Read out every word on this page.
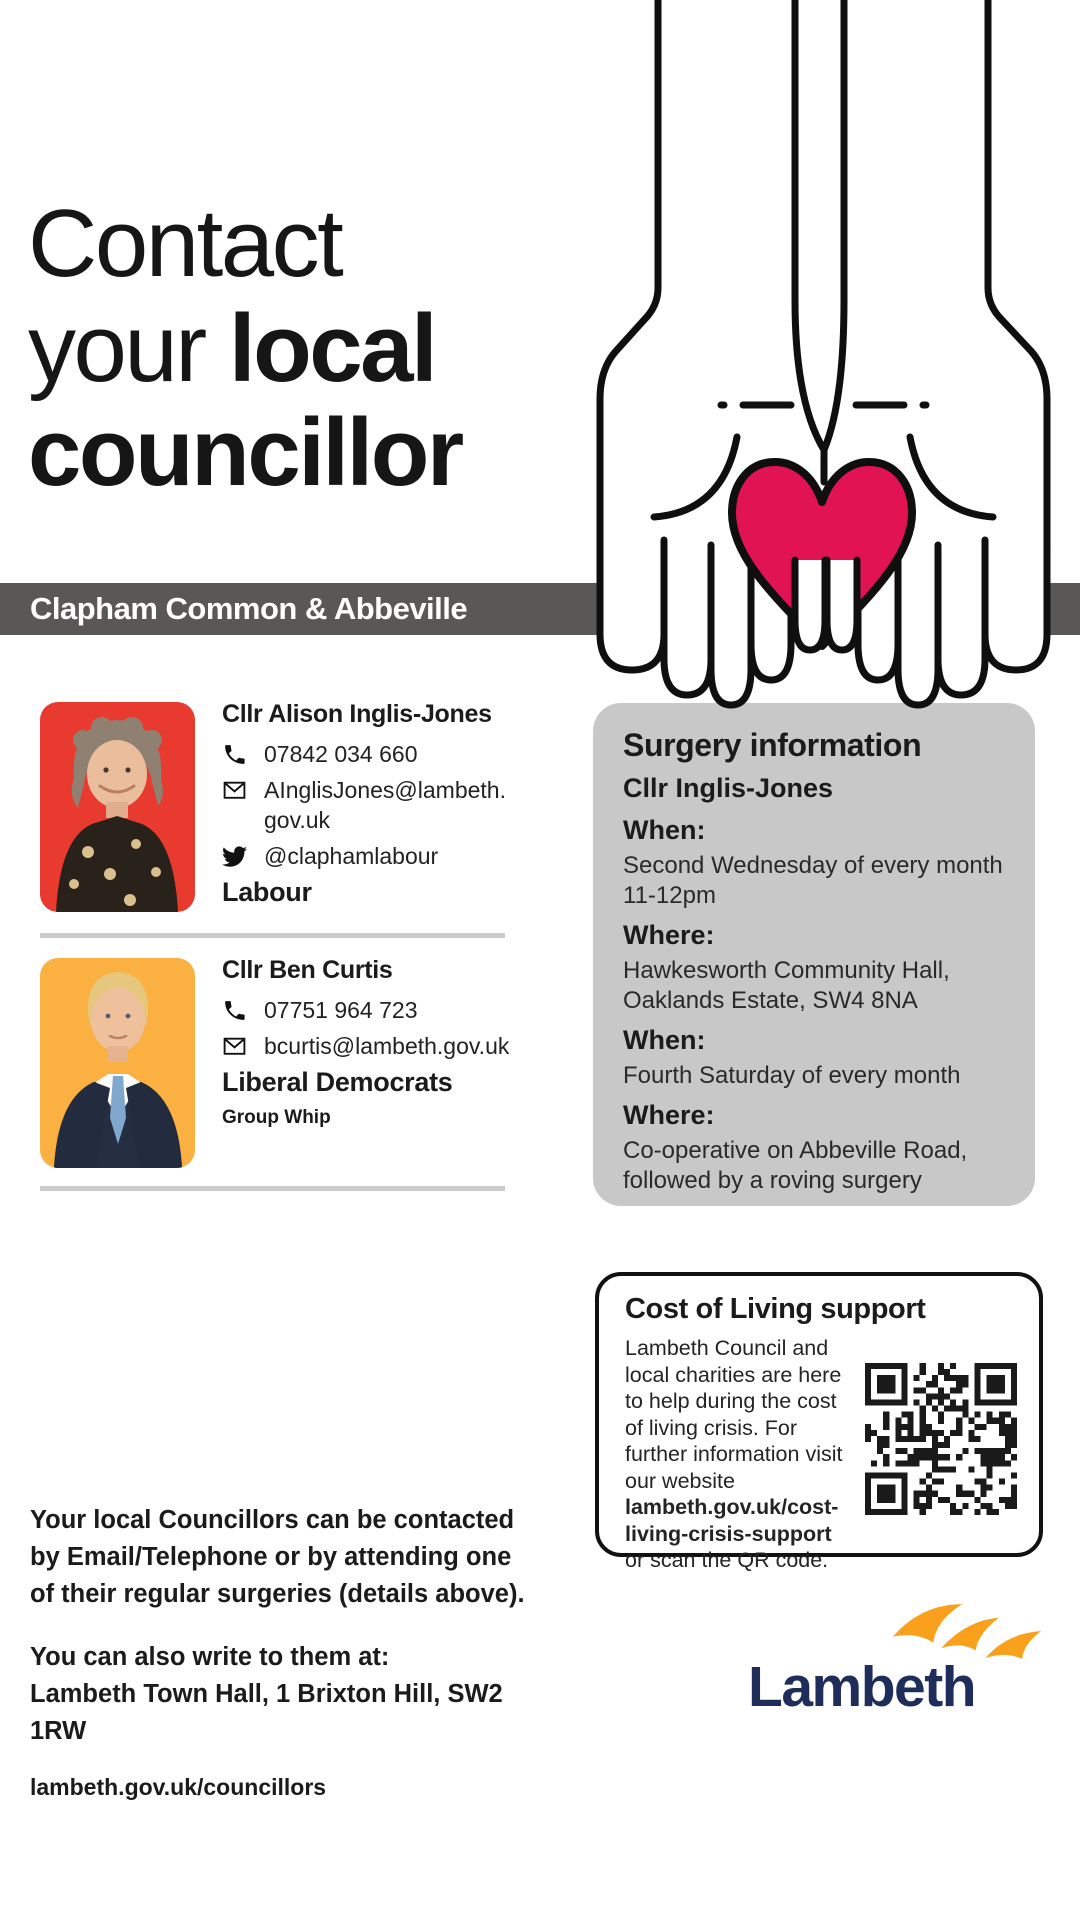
Contact
your local
councillor
Clapham Common & Abbeville
Cllr Alison Inglis-Jones
07842 034 660
AInglisJones@lambeth.
gov.uk
@claphamlabour
Labour
Cllr Ben Curtis
07751 964 723
bcurtis@lambeth.gov.uk
Liberal Democrats
Group Whip
Surgery information
Cllr Inglis-Jones
When:
Second Wednesday of every month 11-12pm
Where:
Hawkesworth Community Hall, Oaklands Estate, SW4 8NA
When:
Fourth Saturday of every month
Where:
Co-operative on Abbeville Road, followed by a roving surgery
Cost of Living support
Lambeth Council and local charities are here to help during the cost of living crisis. For further information visit our website lambeth.gov.uk/cost-living-crisis-support or scan the QR code.
Your local Councillors can be contacted by Email/Telephone or by attending one of their regular surgeries (details above).
You can also write to them at:
Lambeth Town Hall, 1 Brixton Hill, SW2 1RW
lambeth.gov.uk/councillors
Lambeth
